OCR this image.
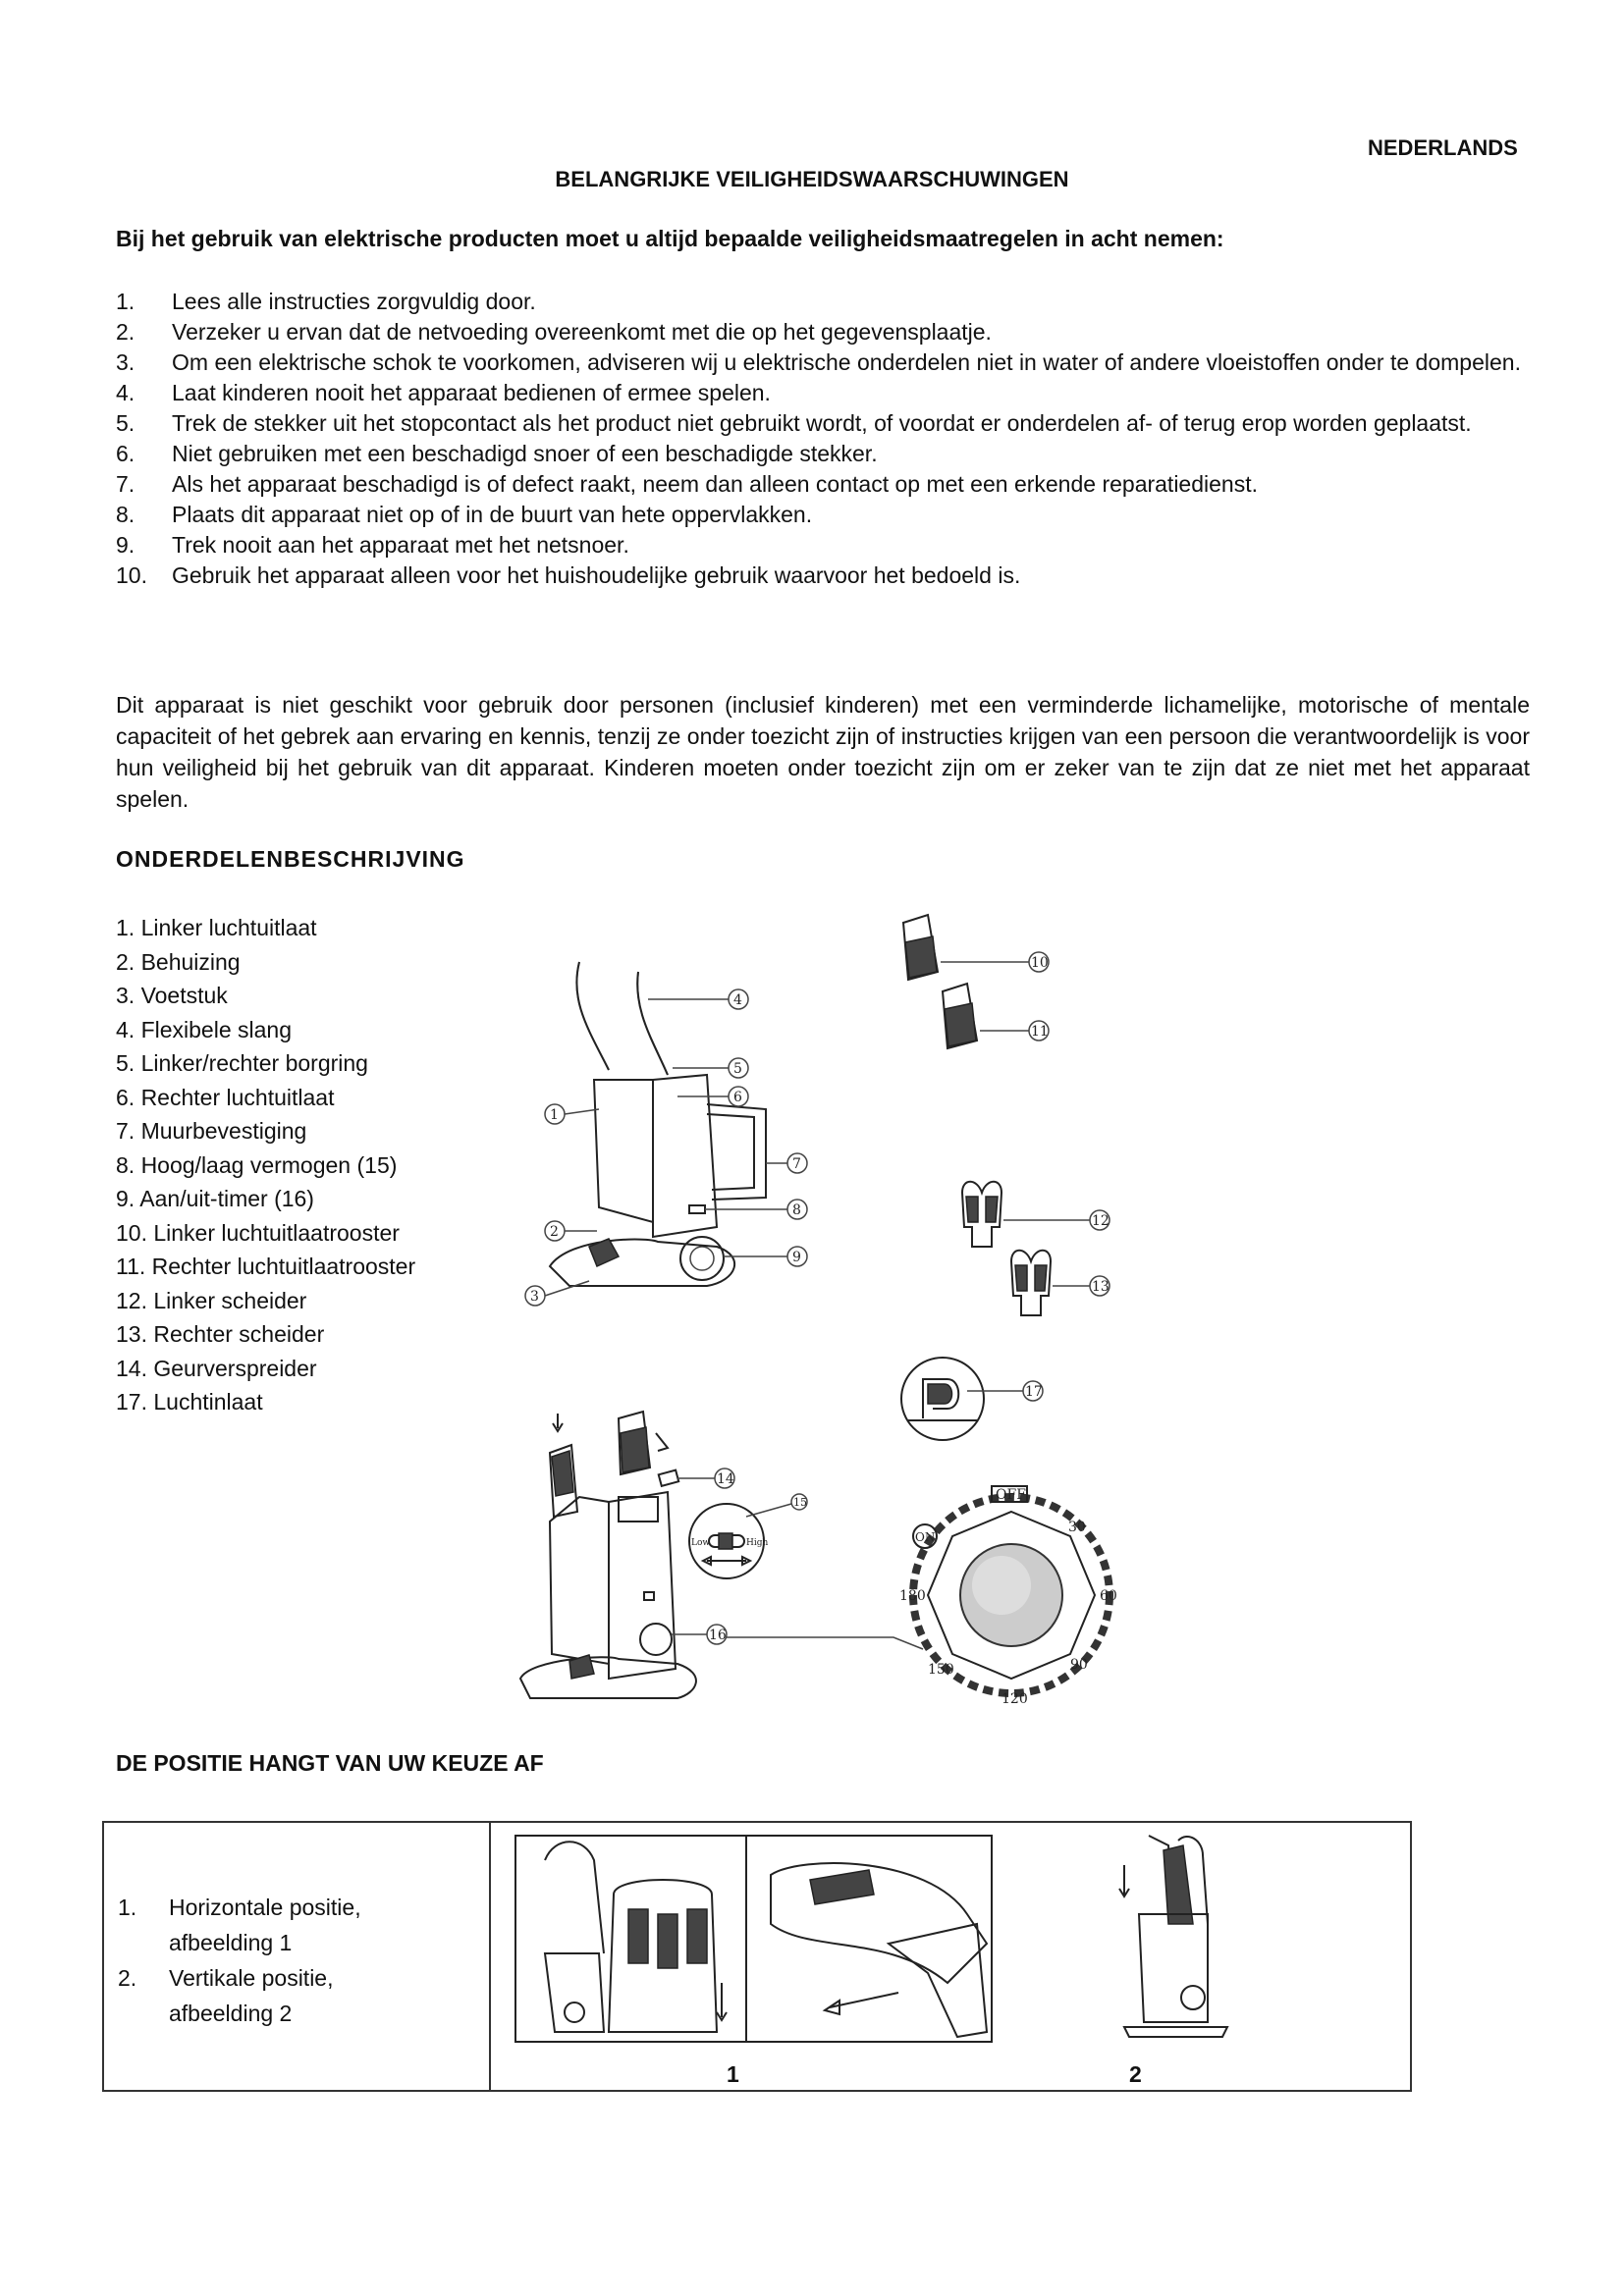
NEDERLANDS
BELANGRIJKE VEILIGHEIDSWAARSCHUWINGEN
Bij het gebruik van elektrische producten moet u altijd bepaalde veiligheidsmaatregelen in acht nemen:
1. Lees alle instructies zorgvuldig door.
2. Verzeker u ervan dat de netvoeding overeenkomt met die op het gegevensplaatje.
3. Om een elektrische schok te voorkomen, adviseren wij u elektrische onderdelen niet in water of andere vloeistoffen onder te dompelen.
4. Laat kinderen nooit het apparaat bedienen of ermee spelen.
5. Trek de stekker uit het stopcontact als het product niet gebruikt wordt, of voordat er onderdelen af- of terug erop worden geplaatst.
6. Niet gebruiken met een beschadigd snoer of een beschadigde stekker.
7. Als het apparaat beschadigd is of defect raakt, neem dan alleen contact op met een erkende reparatiedienst.
8. Plaats dit apparaat niet op of in de buurt van hete oppervlakken.
9. Trek nooit aan het apparaat met het netsnoer.
10. Gebruik het apparaat alleen voor het huishoudelijke gebruik waarvoor het bedoeld is.
Dit apparaat is niet geschikt voor gebruik door personen (inclusief kinderen) met een verminderde lichamelijke, motorische of mentale capaciteit of het gebrek aan ervaring en kennis, tenzij ze onder toezicht zijn of instructies krijgen van een persoon die verantwoordelijk is voor hun veiligheid bij het gebruik van dit apparaat. Kinderen moeten onder toezicht zijn om er zeker van te zijn dat ze niet met het apparaat spelen.
ONDERDELENBESCHRIJVING
1. Linker luchtuitlaat
2. Behuizing
3. Voetstuk
4. Flexibele slang
5. Linker/rechter borgring
6. Rechter luchtuitlaat
7. Muurbevestiging
8. Hoog/laag vermogen (15)
9. Aan/uit-timer (16)
10. Linker luchtuitlaatrooster
11. Rechter luchtuitlaatrooster
12. Linker scheider
13. Rechter scheider
14. Geurverspreider
17. Luchtinlaat
1
2
3
4
5
6
7
8
9
10
11
12
13
17
14
Low	High
15
16
OFF
ON
30
60
90
120
150
180
DE POSITIE HANGT VAN UW KEUZE AF
1. Horizontale positie, afbeelding 1
2. Vertikale positie, afbeelding 2
1	2
